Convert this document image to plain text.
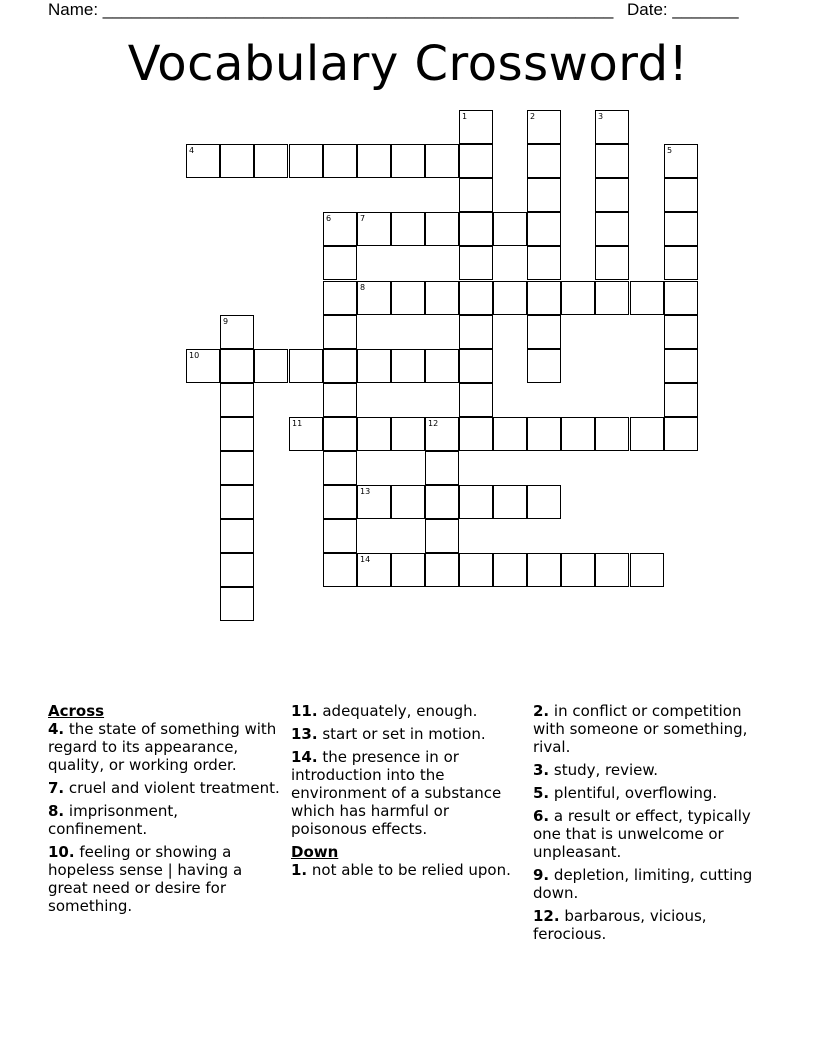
Name: ______________________________________________________ Date: _______
Vocabulary Crossword!
1	2	3
4	5
6	7
8
9
10
11	12
13
14

Across

4. the state of something with regard to its appearance, quality, or working order.

7. cruel and violent treatment.

8. imprisonment, confinement.

10. feeling or showing a hopeless sense | having a great need or desire for something.

11. adequately, enough.

13. start or set in motion.

14. the presence in or introduction into the environment of a substance which has harmful or poisonous effects.

Down

1. not able to be relied upon.

2. in conflict or competition with someone or something, rival.

3. study, review.

5. plentiful, overflowing.

6. a result or effect, typically one that is unwelcome or unpleasant.

9. depletion, limiting, cutting down.

12. barbarous, vicious, ferocious.
